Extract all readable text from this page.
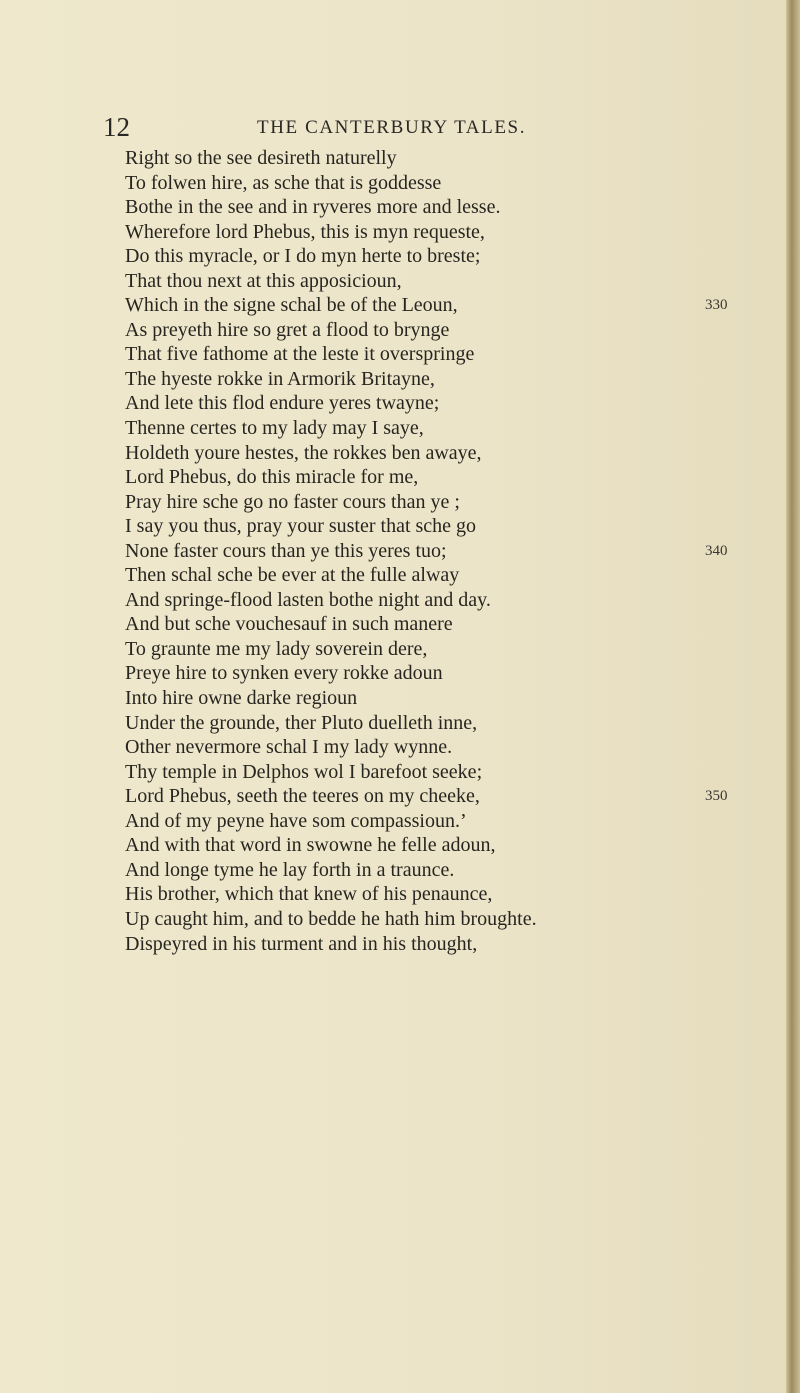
12	THE CANTERBURY TALES.
Right so the see desireth naturelly
To folwen hire, as sche that is goddesse
Bothe in the see and in ryveres more and lesse.
Wherefore lord Phebus, this is myn requeste,
Do this myracle, or I do myn herte to breste;
That thou next at this apposicioun,
Which in the signe schal be of the Leoun,	330
As preyeth hire so gret a flood to brynge
That five fathome at the leste it overspringe
The hyeste rokke in Armorik Britayne,
And lete this flod endure yeres twayne;
Thenne certes to my lady may I saye,
Holdeth youre hestes, the rokkes ben awaye,
Lord Phebus, do this miracle for me,
Pray hire sche go no faster cours than ye ;
I say you thus, pray your suster that sche go
None faster cours than ye this yeres tuo;	340
Then schal sche be ever at the fulle alway
And springe-flood lasten bothe night and day.
And but sche vouchesauf in such manere
To graunte me my lady soverein dere,
Preye hire to synken every rokke adoun
Into hire owne darke regioun
Under the grounde, ther Pluto duelleth inne,
Other nevermore schal I my lady wynne.
Thy temple in Delphos wol I barefoot seeke;
Lord Phebus, seeth the teeres on my cheeke,	350
And of my peyne have som compassioun.’
And with that word in swowne he felle adoun,
And longe tyme he lay forth in a traunce.
His brother, which that knew of his penaunce,
Up caught him, and to bedde he hath him broughte.
Dispeyred in his turment and in his thought,
